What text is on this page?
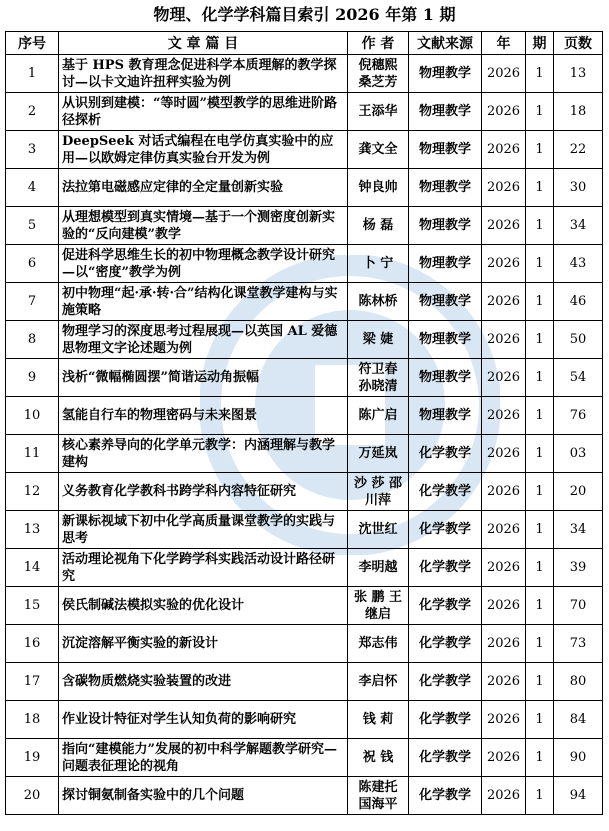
物理、化学学科篇目索引 2026 年第 1 期
序号	文 章 篇 目	作 者	文献来源	年	期	页数
1	基于 HPS 教育理念促进科学本质理解的教学探讨—以卡文迪许扭秤实验为例	倪穗熙 桑芝芳	物理教学	2026	1	13
2	从识别到建模：“等时圆”模型教学的思维进阶路径探析	王添华	物理教学	2026	1	18
3	DeepSeek 对话式编程在电学仿真实验中的应用—以欧姆定律仿真实验台开发为例	龚文全	物理教学	2026	1	22
4	法拉第电磁感应定律的全定量创新实验	钟良帅	物理教学	2026	1	30
5	从理想模型到真实情境—基于一个测密度创新实验的“反向建模”教学	杨 磊	物理教学	2026	1	34
6	促进科学思维生长的初中物理概念教学设计研究—以“密度”教学为例	卜 宁	物理教学	2026	1	43
7	初中物理“起·承·转·合”结构化课堂教学建构与实施策略	陈林桥	物理教学	2026	1	46
8	物理学习的深度思考过程展现—以英国 AL 爱德思物理文字论述题为例	梁 婕	物理教学	2026	1	50
9	浅析“微幅椭圆摆”简谐运动角振幅	符卫春 孙晓清	物理教学	2026	1	54
10	氢能自行车的物理密码与未来图景	陈广启	物理教学	2026	1	76
11	核心素养导向的化学单元教学：内涵理解与教学建构	万延岚	化学教学	2026	1	03
12	义务教育化学教科书跨学科内容特征研究	沙 莎 邵川萍	化学教学	2026	1	20
13	新课标视域下初中化学高质量课堂教学的实践与思考	沈世红	化学教学	2026	1	34
14	活动理论视角下化学跨学科实践活动设计路径研究	李明越	化学教学	2026	1	39
15	侯氏制碱法模拟实验的优化设计	张 鹏 王继启	化学教学	2026	1	70
16	沉淀溶解平衡实验的新设计	郑志伟	化学教学	2026	1	73
17	含碳物质燃烧实验装置的改进	李启怀	化学教学	2026	1	80
18	作业设计特征对学生认知负荷的影响研究	钱 莉	化学教学	2026	1	84
19	指向“建模能力”发展的初中科学解题教学研究—问题表征理论的视角	祝 钱	化学教学	2026	1	90
20	探讨铜氨制备实验中的几个问题	陈建托 国海平	化学教学	2026	1	94
